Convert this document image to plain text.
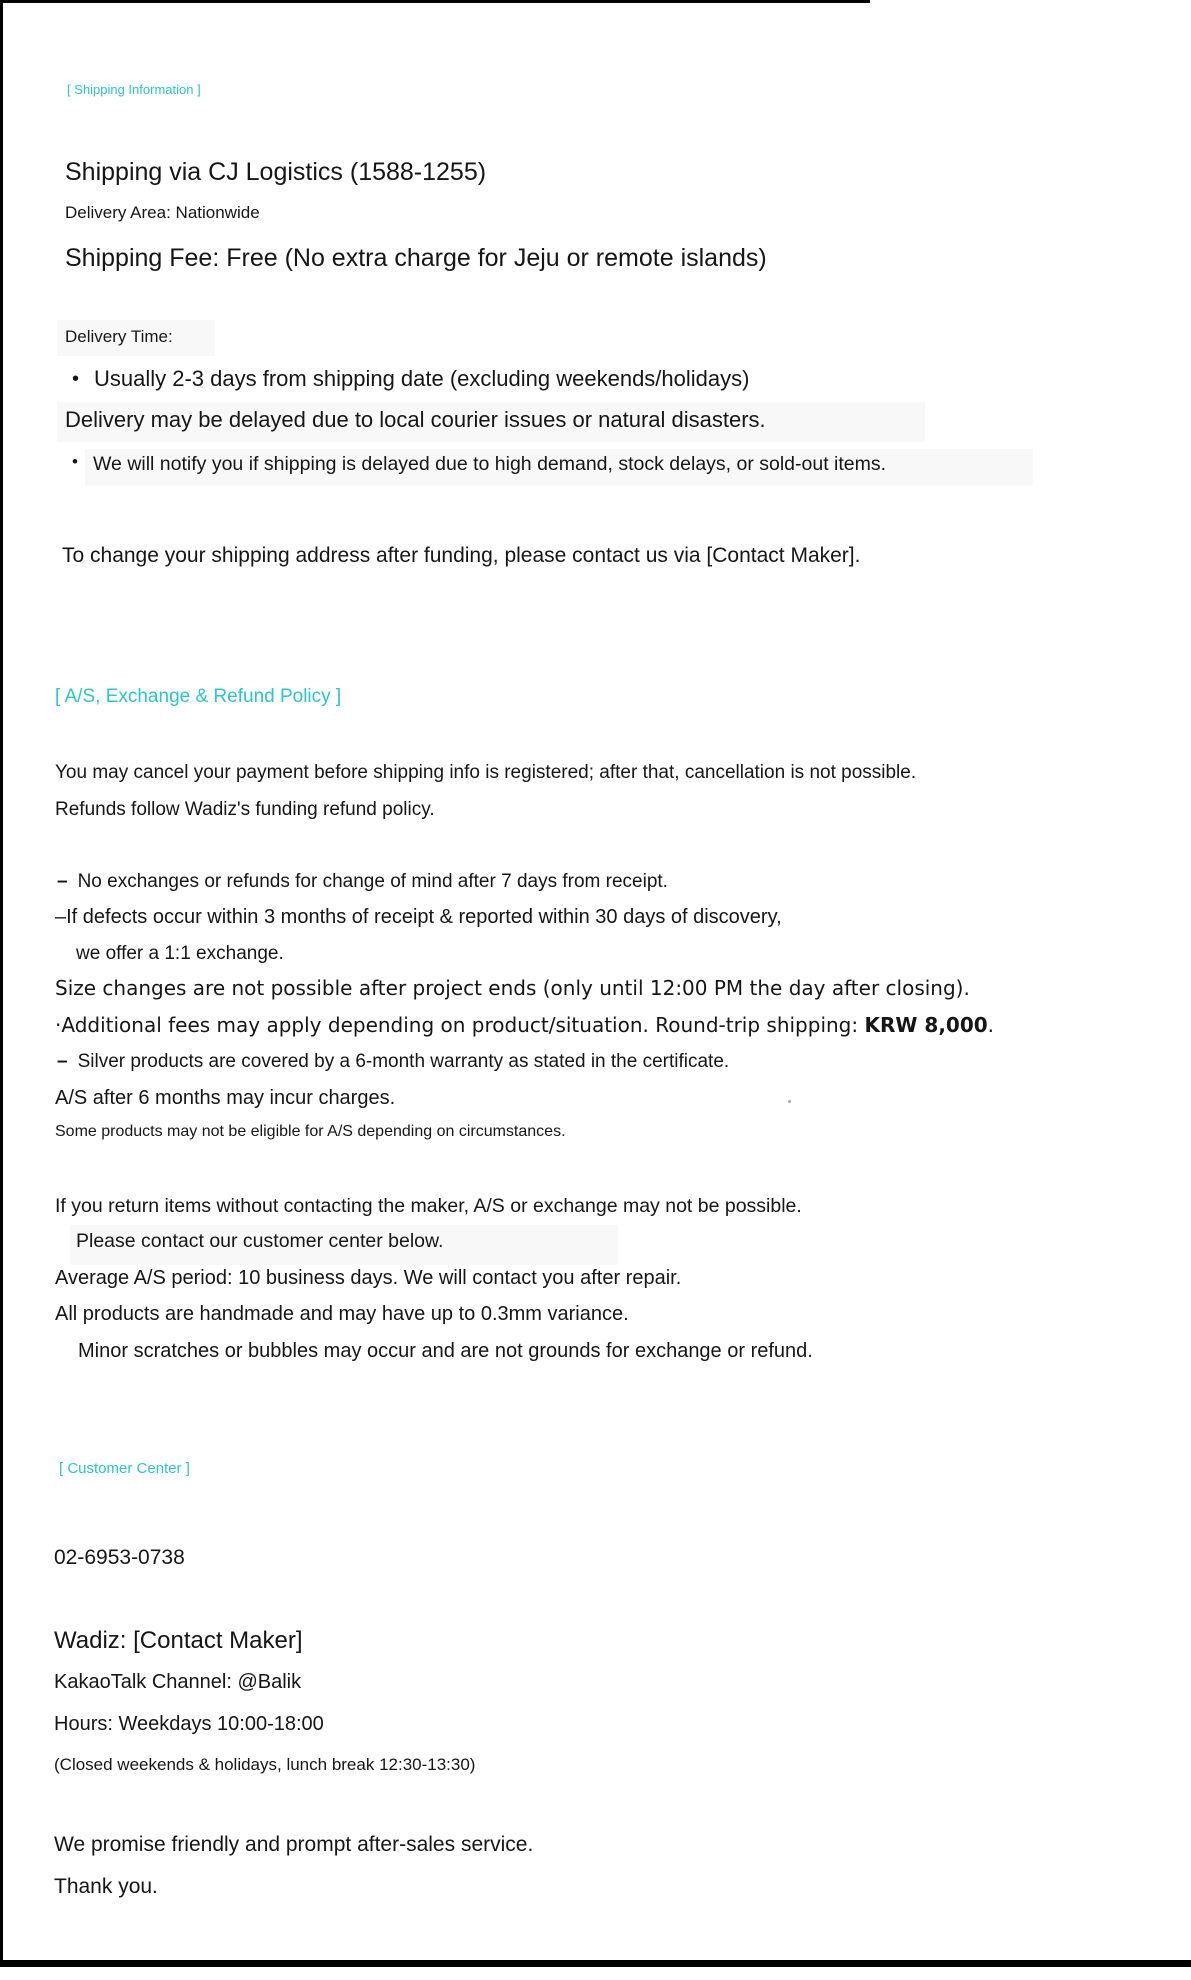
[ Shipping Information ]
Shipping via CJ Logistics (1588-1255)
Delivery Area: Nationwide
Shipping Fee: Free (No extra charge for Jeju or remote islands)
Delivery Time:
• Usually 2-3 days from shipping date (excluding weekends/holidays)
Delivery may be delayed due to local courier issues or natural disasters.
• We will notify you if shipping is delayed due to high demand, stock delays, or sold-out items.
To change your shipping address after funding, please contact us via [Contact Maker].
[ A/S, Exchange & Refund Policy ]
You may cancel your payment before shipping info is registered; after that, cancellation is not possible.
Refunds follow Wadiz's funding refund policy.
– No exchanges or refunds for change of mind after 7 days from receipt.
–If defects occur within 3 months of receipt & reported within 30 days of discovery,
we offer a 1:1 exchange.
Size changes are not possible after project ends (only until 12:00 PM the day after closing).
·Additional fees may apply depending on product/situation. Round-trip shipping: KRW 8,000.
– Silver products are covered by a 6-month warranty as stated in the certificate.
A/S after 6 months may incur charges.
Some products may not be eligible for A/S depending on circumstances.
If you return items without contacting the maker, A/S or exchange may not be possible.
Please contact our customer center below.
Average A/S period: 10 business days. We will contact you after repair.
All products are handmade and may have up to 0.3mm variance.
Minor scratches or bubbles may occur and are not grounds for exchange or refund.
[ Customer Center ]
02-6953-0738
Wadiz: [Contact Maker]
KakaoTalk Channel: @Balik
Hours: Weekdays 10:00-18:00
(Closed weekends & holidays, lunch break 12:30-13:30)
We promise friendly and prompt after-sales service.
Thank you.
